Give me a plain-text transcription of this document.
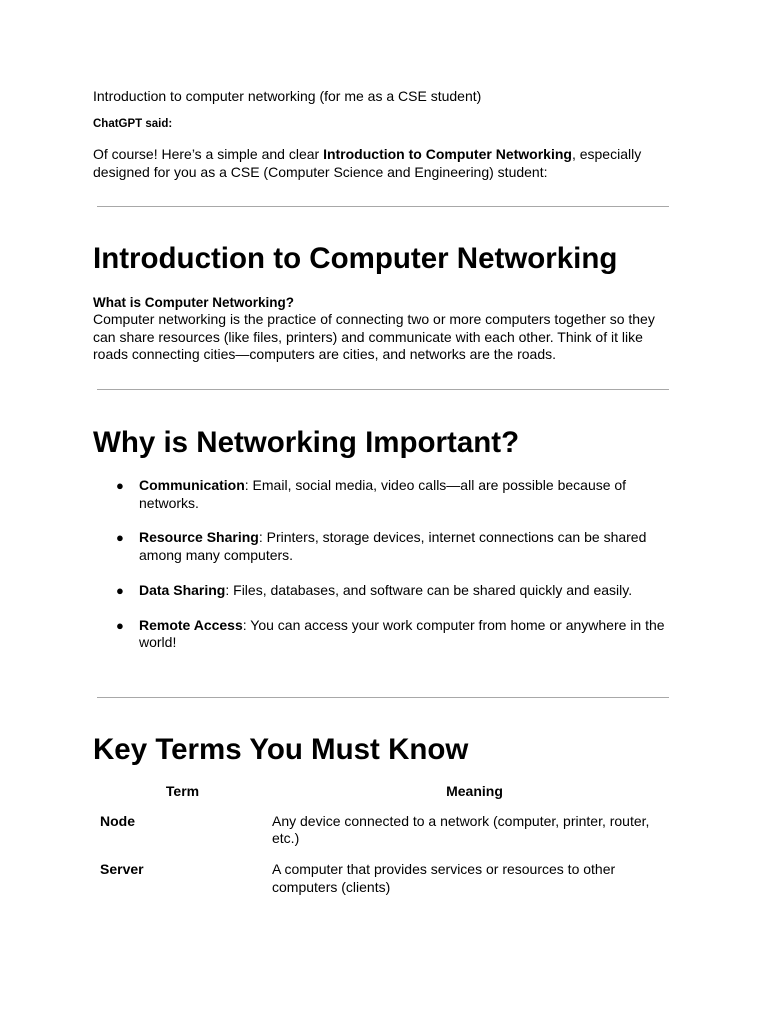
Introduction to computer networking (for me as a CSE student)
ChatGPT said:
Of course! Here’s a simple and clear Introduction to Computer Networking, especially designed for you as a CSE (Computer Science and Engineering) student:
Introduction to Computer Networking
What is Computer Networking?
Computer networking is the practice of connecting two or more computers together so they can share resources (like files, printers) and communicate with each other. Think of it like roads connecting cities—computers are cities, and networks are the roads.
Why is Networking Important?
● Communication: Email, social media, video calls—all are possible because of networks.
● Resource Sharing: Printers, storage devices, internet connections can be shared among many computers.
● Data Sharing: Files, databases, and software can be shared quickly and easily.
● Remote Access: You can access your work computer from home or anywhere in the world!
Key Terms You Must Know
Term	Meaning
Node	Any device connected to a network (computer, printer, router, etc.)
Server	A computer that provides services or resources to other computers (clients)
